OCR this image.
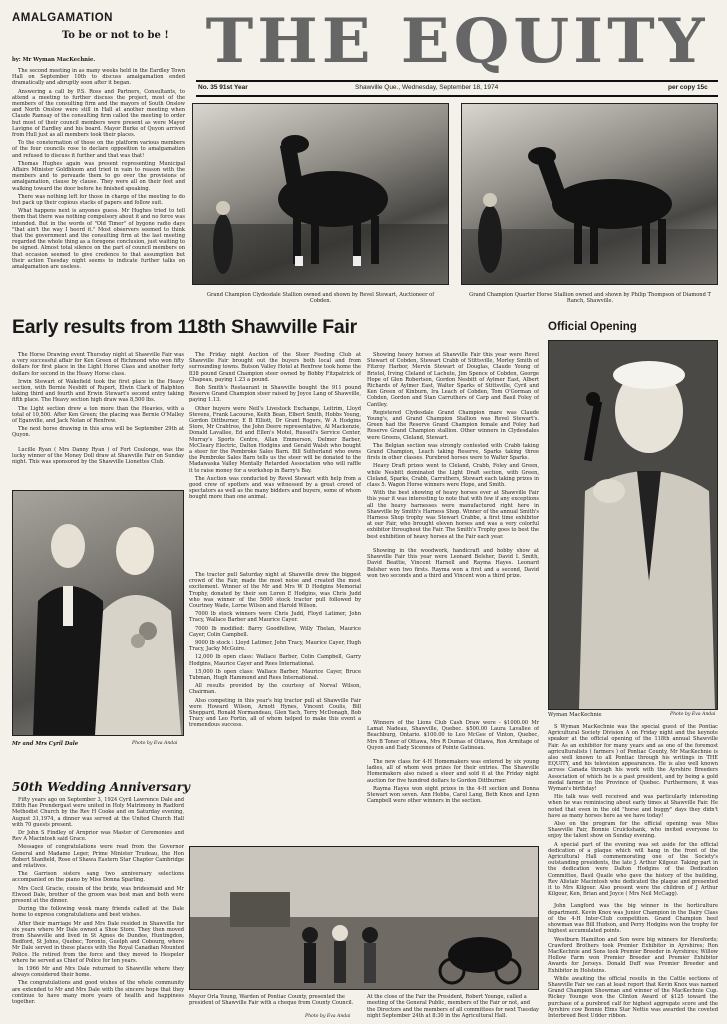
AMALGAMATION
To be or not to be !
by: Mr Wyman MacKechnie.

The second meeting in as many weeks held in the Eardley Town Hall on September 10th to discuss amalgamation ended dramatically and abruptly soon after it began.

Answering a call by P.S. Ross and Partners, Consultants, to attend a meeting to further discuss the project, most of the members of the consulting firm and the mayors of South Onslow and North Onslow were still in Hall at another meeting when Claude Ramsay of the consulting firm called the meeting to order but most of their council members were present as were Mayor Lavigne of Eardley and his board. Mayor Burke of Quyon arrived from Hull just as all members took their places.

To the consternation of those on the platform various members of the four councils rose to declare opposition to amalgamation and refused to discuss it further and that was that!

Thomas Hughes again was present representing Municipal Affairs Minister Goldbloom and tried in vain to reason with the members and to persuade them to go over the provisions of amalgamation, clause by clause. They were all on their feet and walking toward the door before he finished speaking.

There was nothing left for those in charge of the meeting to do but pack up their copious stacks of papers and follow suit.

What happens next is anyones guess. Mr Hughes tried to tell them that there was nothing compulsory about it and no force was intended. But in the words of "Old Timer" of bygone radio days "that ain't the way I heerd it." Most observers seemed to think that the government and the consulting firm at the last meeting regarded the whole thing as a foregone conclusion, just waiting to be signed. Almost total silence on the part of council members on that occasion seemed to give credence to that assumption but their action Tuesday night seems to indicate further talks on amalgamation are useless.

THE EQUITY
No. 35 91st Year	Shawville Que., Wednesday, September 18, 1974	per copy 15c
Grand Champion Clydesdale Stallion owned and shown by Revel Stewart, Auctioneer of Cobden.
Grand Champion Quarter Horse Stallion owned and shown by Philip Thompson of Diamond T Ranch, Shawville.
Early results from 118th Shawville Fair

The Horse Drawing event Thursday night at Shawville Fair was a very successful affair for Ken Green of Richmond who won fifty dollars for first place in the Light Horse Class and another forty dollars for second in the Heavy Horse class.

Irwin Stewart of Wakefield took the first place in the Heavy section, with Bernie Nesbitt of Rupert, Elwin Clark of Ralphton taking third and fourth and Erwin Stewart's second entry taking fifth place. The Heavy section high draw was 8,500 lbs.

The Light section drew a ton more than the Heavies, with a total of 10,500. After Ken Green; the placing was Bernie O'Malley of Eganville, and Jack Nolan of Renfrew.

The next horse drawing in this area will be September 29th at Quyon.

Lucille Ryan ( Mrs Danny Ryan ) of Fort Coulonge, was the lucky winner of the Money Doll draw at Shawville Fair on Sunday night. This was sponsored by the Shawville Lionettes Club.

The Friday night Auction of the Steer Feeding Club at Shawville Fair brought out the buyers both local and from surrounding towns. Butson Valley Hotel at Renfrew took home the 838 pound Grand Champion steer owned by Bobby Fitzpatrick of Chapeau, paying 1.23 a pound.

Bob Smith's Restaurant in Shawville bought the 911 pound Reserve Grand Champion steer raised by Joyce Lang of Shawville, paying 1.13.

Other buyers were Neil's Livestock Exchange, Leitrim, Lloyd Stevens, Frank Lacourse, Keith Bean, Elbert Smith, Hobbs Young, Gordon Dittburner, E B Elliott, Dr Grant Rogers, W A Hodgins Store, Mr Crabtree, the John Deere representative, Al Mackenzie, Donald Lavallee, Ed and Ellen's Motel, Russell's Service Center, Murray's Sports Centre, Allan Emmerson, Delmer Barber, McCleary Electric, Dalton Hodgins and Gerald Walsh who bought a steer for the Pembroke Sales Barn. Bill Sutherland who owns the Pembroke Sales Barn tells us the steer will be donated to the Madawaska Valley Mentally Retarded Association who will raffle it to raise money for a workshop in Barry's Bay.

The Auction was conducted by Revel Stewart with help from a good crew of spotters and was witnessed by a great crowd of spectators as well as the many bidders and buyers, some of whom bought more than one animal.

The tractor pull Saturday night at Shawville drew the biggest crowd of the Fair, made the most noise and created the most excitement. Winner of the Mr and Mrs W D Hodgins Memorial Trophy, donated by their son Loren E Hodgins, was Chris Judd who was winner of the 5000 stock tractor pull followed by Courtney Wade, Lorne Wilson and Harold Wilson.

7000 lb stock winners were Chris Judd, Floyd Latimer, John Tracy, Wallace Barber and Maurice Cayer.

7000 lb modified: Barry Goodfellow, Willy Thelan, Maurice Cayer, Colin Campbell.

9000 lb stock : Lloyd Latimer, John Tracy, Maurice Cayer, Hugh Tracy, Jacky McGuire.

12,000 lb open class: Wallace Barber, Colin Campbell, Garry Hodgins, Maurice Cayer and Rees International.

15,000 lb open class: Wallace Barber, Maurice Cayer, Bruce Tubman, Hugh Hammond and Rees International.

All results provided by the courtesy of Norval Wilson, Chairman.

Also competing in this year's big tractor pull at Shawville Fair were Howard Wilson, Arnott Hynes, Vincent Coulis, Bill Sheppard, Ronald Normandeau, Glen Yach, Terry McDonagh, Bob Tracy and Leo Fortin, all of whom helped to make this event a tremendous success.

Showing heavy horses at Shawville Fair this year were Revel Stewart of Cobden, Stewart Crabb of Stittsville, Morley Smith of Fitzroy Harbor, Mervin Stewart of Douglas, Claude Young of Bristol, Irving Cleland of Lachute, Jim Spence of Cobden, George Hope of Glen Robertson, Gordon Nesbitt of Aylmer East, Albert Richards of Aylmer East, Walter Sparks of Stittsville, Cyril and Ken Green of Kinburn, Ira Leach of Cobden, Tom O'Gorman of Cobden, Gordon and Stan Carruthers of Carp and Basil Foley of Cantley.

Registered Clydesdale Grand Champion mare was Claude Young's, and Grand Champion Stallion was Revel Stewart's. Green had the Reserve Grand Champion female and Foley had Reserve Grand Champion stallion. Other winners in Clydesdales were Greens, Cleland, Stewart.

The Belgian section was strongly contested with Crabb taking Grand Champion, Leach taking Reserve, Sparks taking three firsts in other classes. Purebred horses were to Walter Sparks.

Heavy Draft prizes went to Cleland, Crabb, Foley and Green, while Nesbitt dominated the Light Draft section, with Green, Cleland, Sparks, Crabb, Carruthers, Stewart each taking prizes in class 5. Wagon Horse winners were Hope, and Smith.

With the best showing of heavy horses ever at Shawville Fair this year it was interesting to note that with few if any exceptions all the heavy harnesses were manufactured right here in Shawville by Smith's Harness Shop. Winner of the annual Smith's Harness Shop trophy was Stewart Crabbe, a first time exhibitor at our Fair, who brought eleven horses and was a very colorful exhibitor throughout the Fair. The Smith's Trophy goes to best the best exhibition of heavy horses at the Fair each year.

Showing in the woodwork, handicraft and hobby show at Shawville Fair this year were Leonard Belsher, David L Smith, David Beattie, Vincent Harnell and Rayma Hayes. Leonard Belsher won two firsts. Rayma won a first and a second, David won two seconds and a third and Vincent won a third prize.

Winners of the Lions Club Cash Draw were - $1000.00 Mr Lamat Nadeau, Shawville, Quebec. $500.00 Laura Lavallee of Beachburg, Ontario. $100.00 to Leo McGee of Vinton, Quebec, Mrs B Toner of Ottawa, Mrs R Dumas of Ottawa, Ron Armitage of Quyon and Eady Sicennes of Pointe Gatineau.

The new class for 4-H Homemakers was entered by six young ladies, all of whom won prizes for their entries. The Shawville Homemakers also raised a steer and sold it at the Friday night auction for five hundred dollars to Gordon Dittburner.

Rayma Hayes won eight prizes in the 4-H section and Donna Stewart won seven. Ann Hobbs, Carol Lang, Beth Knox and Lynn Campbell were other winners in the section.

Mr and Mrs Cyril Dale	Photo by Eva Andai
50th Wedding Anniversary

Fifty years ago on September 3, 1924 Cyril Lawrence Dale and Edith Rae Prendergast were united in Holy Matrimony in Radford Methodist Church by the Rev H Cooke and on Saturday evening, August 31,1974, a dinner was served at the United Church Hall with 70 guests present.

Dr John S Findley of Arnprior was Master of Ceremonies and Rev A Macintosh said Grace.

Messages of congratulations were read from the Governor General and Madame Leger, Prime Minister Trudeau, the Hon Robert Stanfield, Rose of Shawa Eastern Star Chapter Cambridge and relatives.

The Garrison sisters sang two anniversary selections accompanied on the piano by Miss Donna Sparling.

Mrs Cecil Gracie, cousin of the bride, was bridesmaid and Mr Elwood Dale, brother of the groom was best man and both were present at the dinner.

During the following week many friends called at the Dale home to express congratulations and best wishes.

After their marriage Mr and Mrs Dale resided in Shawville for six years where Mr Dale owned a Shoe Store. They then moved from Shawville and lived in St Agnes de Dundee, Huntingdon, Bedford, St Johns, Quebec, Toronto, Guelph and Cobourg, where Mr Dale served in these places with the Royal Canadian Mounted Police. He retired from the force and they moved to Hespeler where he served as Chief of Police for ten years.

In 1966 Mr and Mrs Dale returned to Shawville where they always considered their home.

The congratulations and good wishes of the whole community are extended to Mr and Mrs Dale with the sincere hope that they continue to have many more years of health and happiness together.

Mayor Orla Young, Warden of Pontiac County, presented the president of Shawville Fair with a cheque from County Council.
Photo by Eva Andai
At the close of the Fair the President, Robert Younge, called a meeting of the General Public, members of the Fair or not, and the Directors and the members of all committees for next Tuesday night September 24th at 8:30 in the Agricultural Hall.
Official Opening
Wyman MacKechnie	Photo by Eva Andai

S Wyman MacKechnie was the special guest of the Pontiac Agricultural Society Division A on Friday night and the keynote speaker at the official opening of the 118th annual Shawville Fair. As an exhibitor for many years and as one of the foremost agriculturalists ( farmers ) of Pontiac County, Mr MacKechnie is also well known to all Pontiac through his writings in THE EQUITY, and his television appearances. He is also well known across Canada through his work with the Ayrshire Breeders Association of which he is a past president, and by being a gold medal farmer in the Province of Quebec. Furthermore, it was Wyman's birthday!

His talk was well received and was particularly interesting when he was reminiscing about early times at Shawville Fair. He noted that even in the old "horse and buggy" days they didn't have as many horses here as we have today!

Also on the program for the official opening was Miss Shawville Fair, Bonnie Cruickshank, who invited everyone to enjoy the talent show on Sunday evening.

A special part of the evening was set aside for the official dedication of a plaque which will hang in the front of the Agricultural Hall commemorating one of the Society's outstanding presidents, the late J. Arthur Kilgour. Taking part in the dedication were Dalton Hodgins of the Dedication Committee, Basil Quaile who gave the history of the building, Rev Alistair Macintosh who dedicated the plaque and presented it to Mrs Kilgour. Also present were the children of J Arthur Kilgour, Ken, Brian and Joyce ( Mrs Neil McCagg).

John Langford was the big winner in the horticulture department. Kevin Knox was Junior Champion in the Dairy Class of the 4-H Inter-Club competition. Grand Champion beef showman was Bill Hudson, and Perry Hodgins won the trophy for highest accumulated points.

Westburn Hamilton and Son were big winners for Herefords; Crawford Brothers took Premier Exhibitor in Ayrshires; Ron MacKechnie and Sons took Premier Breeder in Ayrshires; Willow Hollow Farm won Premier Breeder and Premier Exhibitor Awards for Jerseys. Donald Duff was Premier Breeder and Exhibitor in Holsteins.

While awaiting the official results in the Cattle sections of Shawville Fair we can at least report that Kevin Knox was named Grand Champion Showman and winner of the MacKechnie Cup. Rickey Younge won the Clinton Award of $125 toward the purchase of a purebred calf for highest aggregate score and the Ayrshire cow Bonnie Elms Star Nettie was awarded the coveted Interbreed Best Udder ribbon.
